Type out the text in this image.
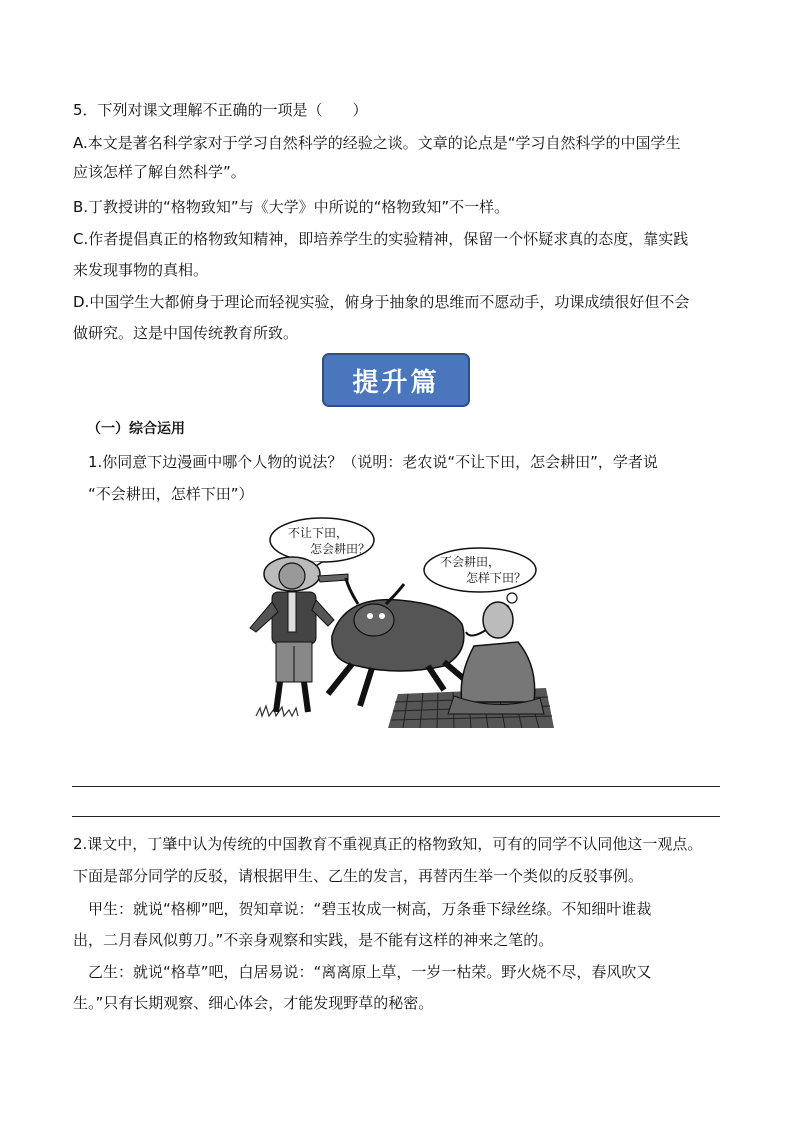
5．下列对课文理解不正确的一项是（　　）
A.本文是著名科学家对于学习自然科学的经验之谈。文章的论点是“学习自然科学的中国学生
应该怎样了解自然科学”。
B.丁教授讲的“格物致知”与《大学》中所说的“格物致知”不一样。
C.作者提倡真正的格物致知精神，即培养学生的实验精神，保留一个怀疑求真的态度，靠实践
来发现事物的真相。
D.中国学生大都俯身于理论而轻视实验，俯身于抽象的思维而不愿动手，功课成绩很好但不会
做研究。这是中国传统教育所致。
提升篇
（一）综合运用
1.你同意下边漫画中哪个人物的说法？（说明：老农说“不让下田，怎会耕田”，学者说
“不会耕田，怎样下田”）
不让下田，
怎会耕田？
不会耕田，
怎样下田？
2.课文中，丁肇中认为传统的中国教育不重视真正的格物致知，可有的同学不认同他这一观点。
下面是部分同学的反驳，请根据甲生、乙生的发言，再替丙生举一个类似的反驳事例。
　甲生：就说“格柳”吧，贺知章说：“碧玉妆成一树高，万条垂下绿丝绦。不知细叶谁裁
出，二月春风似剪刀。”不亲身观察和实践，是不能有这样的神来之笔的。
　乙生：就说“格草”吧，白居易说：“离离原上草，一岁一枯荣。野火烧不尽，春风吹又
生。”只有长期观察、细心体会，才能发现野草的秘密。
